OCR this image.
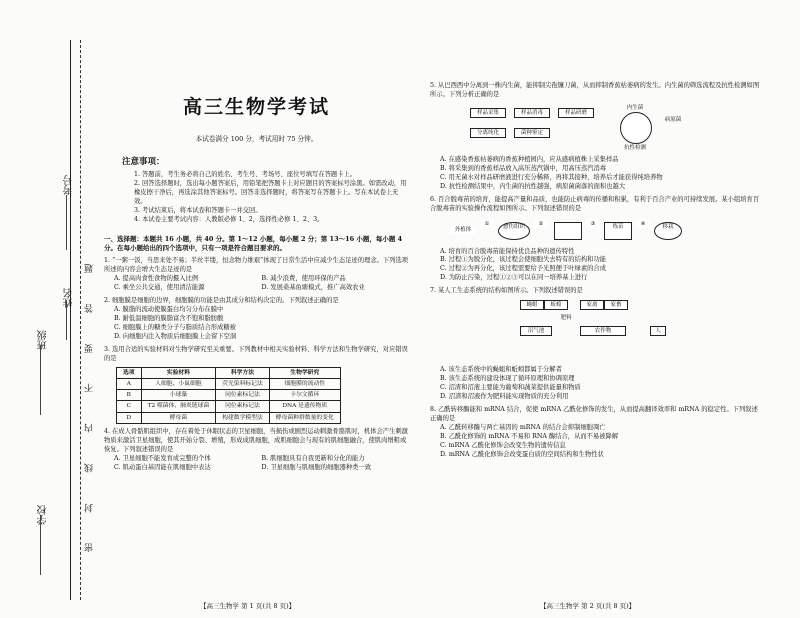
考号
姓名
班级
学校	密 封 线 内 不 要 答 题
高三生物学考试
本试卷满分 100 分，考试用时 75 分钟。
注意事项：
1. 答题前，考生务必将自己的姓名、考生号、考场号、座位号填写在答题卡上。
2. 回答选择题时，选出每小题答案后，用铅笔把答题卡上对应题目的答案标号涂黑。如需改动，用橡皮擦干净后，再选涂其他答案标号。回答非选择题时，将答案写在答题卡上。写在本试卷上无效。
3. 考试结束后，将本试卷和答题卡一并交回。
4. 本试卷主要考试内容：人教版必修 1、2，选择性必修 1、2、3。
一、选择题：本题共 16 小题，共 40 分。第 1～12 小题，每小题 2 分；第 13～16 小题，每小题 4 分。在每小题给出的四个选项中，只有一项是符合题目要求的。
1. “一粥一饭，当思来处不易；半丝半缕，恒念物力维艰”体现了日常生活中应减少生态足迹的理念。下列选项所述的内容会增大生态足迹的是
A. 提高肉食性食物的摄入比例	B. 减少浪费，使用环保的产品
C. 乘坐公共交通，使用清洁能源	D. 发展桑基鱼塘模式，推广高效农业
2. 细胞膜是细胞的边界，细胞膜的功能是由其成分和结构决定的。下列叙述正确的是
A. 膜脂的流动使膜蛋白均匀分布在膜中
B. 耐低温细胞的膜脂富含不饱和脂肪酸
C. 细胞膜上的糖类分子与脂质结合形成糖被
D. 向细胞内注入物质后细胞膜上会留下空洞
3. 选用合适的实验材料对生物学研究至关重要。下列教材中相关实验材料、科学方法和生物学研究，对应错误的是
选项	实验材料	科学方法	生物学研究
A	人细胞、小鼠细胞	荧光染料标记法	细胞膜的流动性
B	小球藻	同位素标记法	卡尔文循环
C	T2 噬菌体、肺炎链球菌	同位素标记法	DNA 是遗传物质
D	酵母菌	构建数学模型法	酵母菌种群数量的变化
4. 在成人骨骼肌组织中，存在着处于休眠状态的卫星细胞，当损伤或剧烈运动刺激骨骼肌时，机体会产生刺激物质来激活卫星细胞，使其开始分裂、增殖，形成成肌细胞，成肌细胞会与现有的肌细胞融合，使肌肉增粗或恢复。下列叙述错误的是
A. 卫星细胞不能发育成完整的个体	B. 肌细胞具有自我更新和分化的能力
C. 肌动蛋白基因能在肌细胞中表达	D. 卫星细胞与肌细胞的细胞器种类一致
【高三生物学 第 1 页(共 8 页)】
5. 从巴西西中分离到一株内生菌，能抑制尖孢镰刀菌，从而抑制香蕉枯萎病的发生。内生菌的筛选流程及抗性检测如图所示。下列分析正确的是
样品采集	样品消毒	样品研磨
分离纯化	菌种鉴定
内生菌
病原菌
抗性检测
A. 在感染香蕉枯萎病的香蕉种植园内，应从感病植株上采集样品
B. 将采集到的香蕉样品放入高压蒸汽锅中，用高压蒸汽消毒
C. 用无菌水对样品研磨液进行充分稀释，再将其接种，培养后才能获得纯培养物
D. 抗性检测结果中，内生菌的抗性越强，病原菌菌落的面积也越大
6. 百合脱毒苗的培育，能提高产量和品质，也能防止病毒的传播和积累，有利于百合产业的可持续发展。某小组培育百合脱毒苗的实验操作流程如图所示。下列叙述错误的是
外植体
①	愈伤组织	②	③	炼苗	④	移栽
A. 培育的百合脱毒苗能保持优良品种的遗传特性
B. 过程①为脱分化，该过程会使细胞失去特有的结构和功能
C. 过程②为再分化，该过程需要给予光照便于叶绿素的合成
D. 为防止污染，过程①②③可以在同一培养基上进行
7. 某人工生态系统的结构如图所示。下列叙述错误的是
蝇蛆	蚯蚓	家禽	家畜
沼气池	农作物	人
肥料
A. 该生态系统中的蝇蛆和蚯蚓都属于分解者
B. 该生态系统的建设体现了循环原理和协调原理
C. 沼渣和沼液主要能为葡萄和蔬菜提供能量和物质
D. 沼渣和沼液作为肥料能实现物质的充分利用
8. 乙酰转移酶能和 mRNA 结合，促使 mRNA 乙酰化修饰的发生，从而提高翻译效率和 mRNA 的稳定性。下列叙述正确的是
A. 乙酰转移酶与两亡基因的 mRNA 的结合会抑制细胞凋亡
B. 乙酰化修饰的 mRNA 不易和 RNA 酶结合，从而不易被降解
C. mRNA 乙酰化修饰会改变生物的遗传信息
D. mRNA 乙酰化修饰会改变蛋白质的空间结构和生物性状
【高三生物学 第 2 页(共 8 页)】
